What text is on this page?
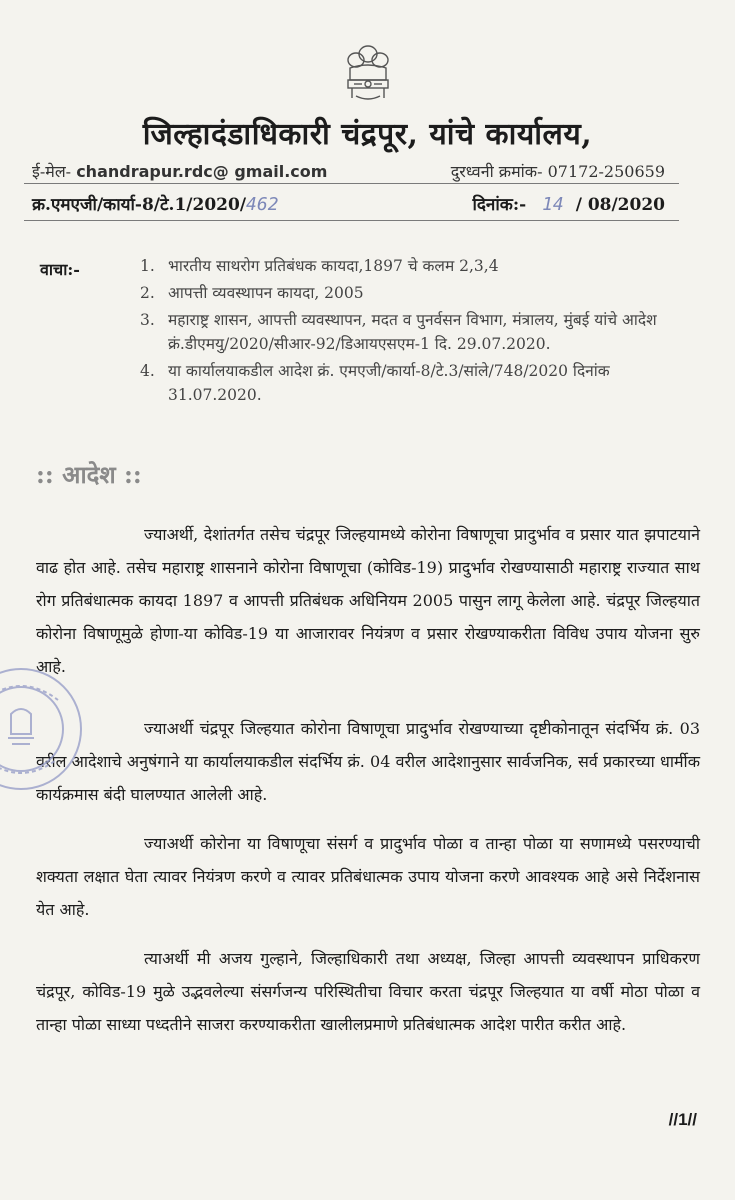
जिल्हादंडाधिकारी चंद्रपूर, यांचे कार्यालय,
ई-मेल- chandrapur.rdc@ gmail.com	दुरध्वनी क्रमांक- 07172-250659
क्र.एमएजी/कार्या-8/टे.1/2020/462	दिनांक:- 14 / 08/2020
वाचा:-	1. भारतीय साथरोग प्रतिबंधक कायदा,1897 चे कलम 2,3,4
2. आपत्ती व्यवस्थापन कायदा, 2005
3. महाराष्ट्र शासन, आपत्ती व्यवस्थापन, मदत व पुनर्वसन विभाग, मंत्रालय, मुंबई यांचे आदेश क्रं.डीएमयु/2020/सीआर-92/डिआयएसएम-1 दि. 29.07.2020.
4. या कार्यालयाकडील आदेश क्रं. एमएजी/कार्या-8/टे.3/सांले/748/2020 दिनांक 31.07.2020.
:: आदेश ::

ज्याअर्थी, देशांतर्गत तसेच चंद्रपूर जिल्हयामध्ये कोरोना विषाणूचा प्रादुर्भाव व प्रसार यात झपाटयाने वाढ होत आहे. तसेच महाराष्ट्र शासनाने कोरोना विषाणूचा (कोविड-19) प्रादुर्भाव रोखण्यासाठी महाराष्ट्र राज्यात साथ रोग प्रतिबंधात्मक कायदा 1897 व आपत्ती प्रतिबंधक अधिनियम 2005 पासुन लागू केलेला आहे. चंद्रपूर जिल्हयात कोरोना विषाणूमुळे होणा-या कोविड-19 या आजारावर नियंत्रण व प्रसार रोखण्याकरीता विविध उपाय योजना सुरु आहे.

ज्याअर्थी चंद्रपूर जिल्हयात कोरोना विषाणूचा प्रादुर्भाव रोखण्याच्या दृष्टीकोनातून संदर्भिय क्रं. 03 वरील आदेशाचे अनुषंगाने या कार्यालयाकडील संदर्भिय क्रं. 04 वरील आदेशानुसार सार्वजनिक, सर्व प्रकारच्या धार्मीक कार्यक्रमास बंदी घालण्यात आलेली आहे.

ज्याअर्थी कोरोना या विषाणूचा संसर्ग व प्रादुर्भाव पोळा व तान्हा पोळा या सणामध्ये पसरण्याची शक्यता लक्षात घेता त्यावर नियंत्रण करणे व त्यावर प्रतिबंधात्मक उपाय योजना करणे आवश्यक आहे असे निर्देशनास येत आहे.

त्याअर्थी मी अजय गुल्हाने, जिल्हाधिकारी तथा अध्यक्ष, जिल्हा आपत्ती व्यवस्थापन प्राधिकरण चंद्रपूर, कोविड-19 मुळे उद्भवलेल्या संसर्गजन्य परिस्थितीचा विचार करता चंद्रपूर जिल्हयात या वर्षी मोठा पोळा व तान्हा पोळा साध्या पध्दतीने साजरा करण्याकरीता खालीलप्रमाणे प्रतिबंधात्मक आदेश पारीत करीत आहे.

//1//
